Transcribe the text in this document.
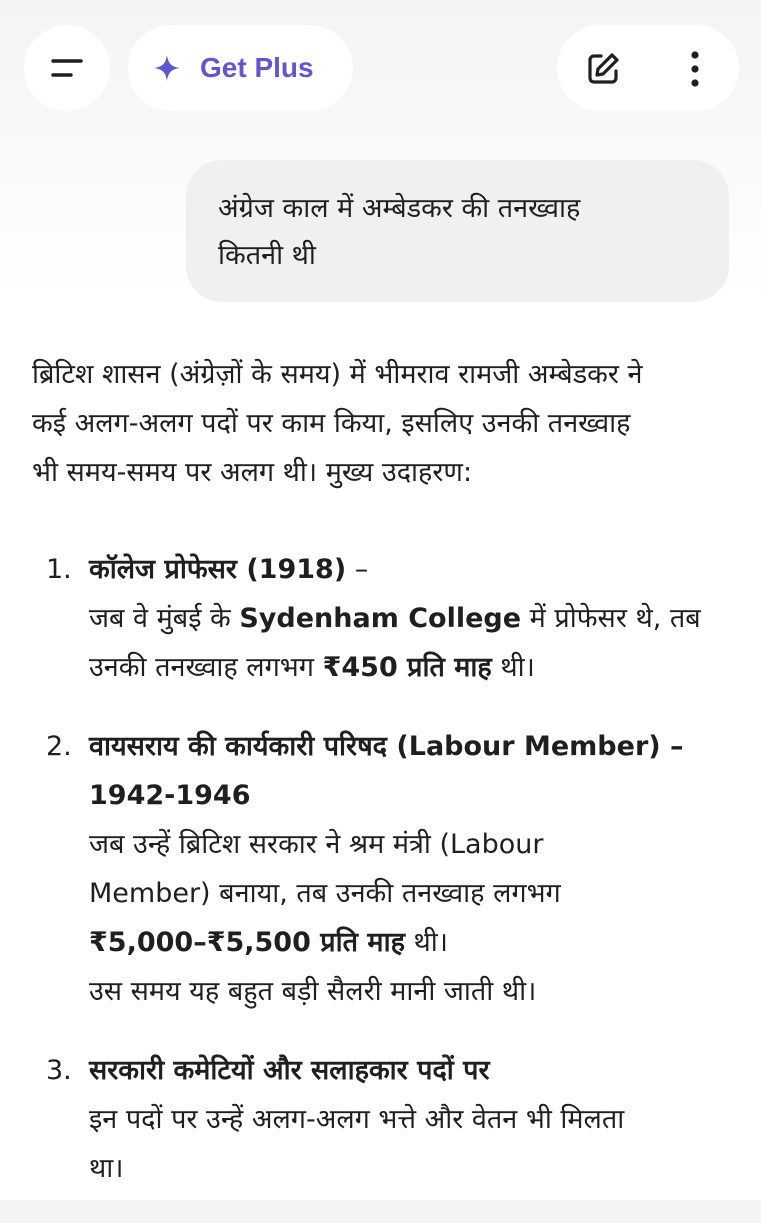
Get Plus
अंग्रेज काल में अम्बेडकर की तनख्वाह
कितनी थी

ब्रिटिश शासन (अंग्रेज़ों के समय) में भीमराव रामजी अम्बेडकर ने
कई अलग-अलग पदों पर काम किया, इसलिए उनकी तनख्वाह
भी समय-समय पर अलग थी। मुख्य उदाहरण:

1. कॉलेज प्रोफेसर (1918) –
जब वे मुंबई के Sydenham College में प्रोफेसर थे, तब
उनकी तनख्वाह लगभग ₹450 प्रति माह थी।
2. वायसराय की कार्यकारी परिषद (Labour Member) –
1942-1946
जब उन्हें ब्रिटिश सरकार ने श्रम मंत्री (Labour
Member) बनाया, तब उनकी तनख्वाह लगभग
₹5,000–₹5,500 प्रति माह थी।
उस समय यह बहुत बड़ी सैलरी मानी जाती थी।
3. सरकारी कमेटियों और सलाहकार पदों पर
इन पदों पर उन्हें अलग-अलग भत्ते और वेतन भी मिलता
था।
